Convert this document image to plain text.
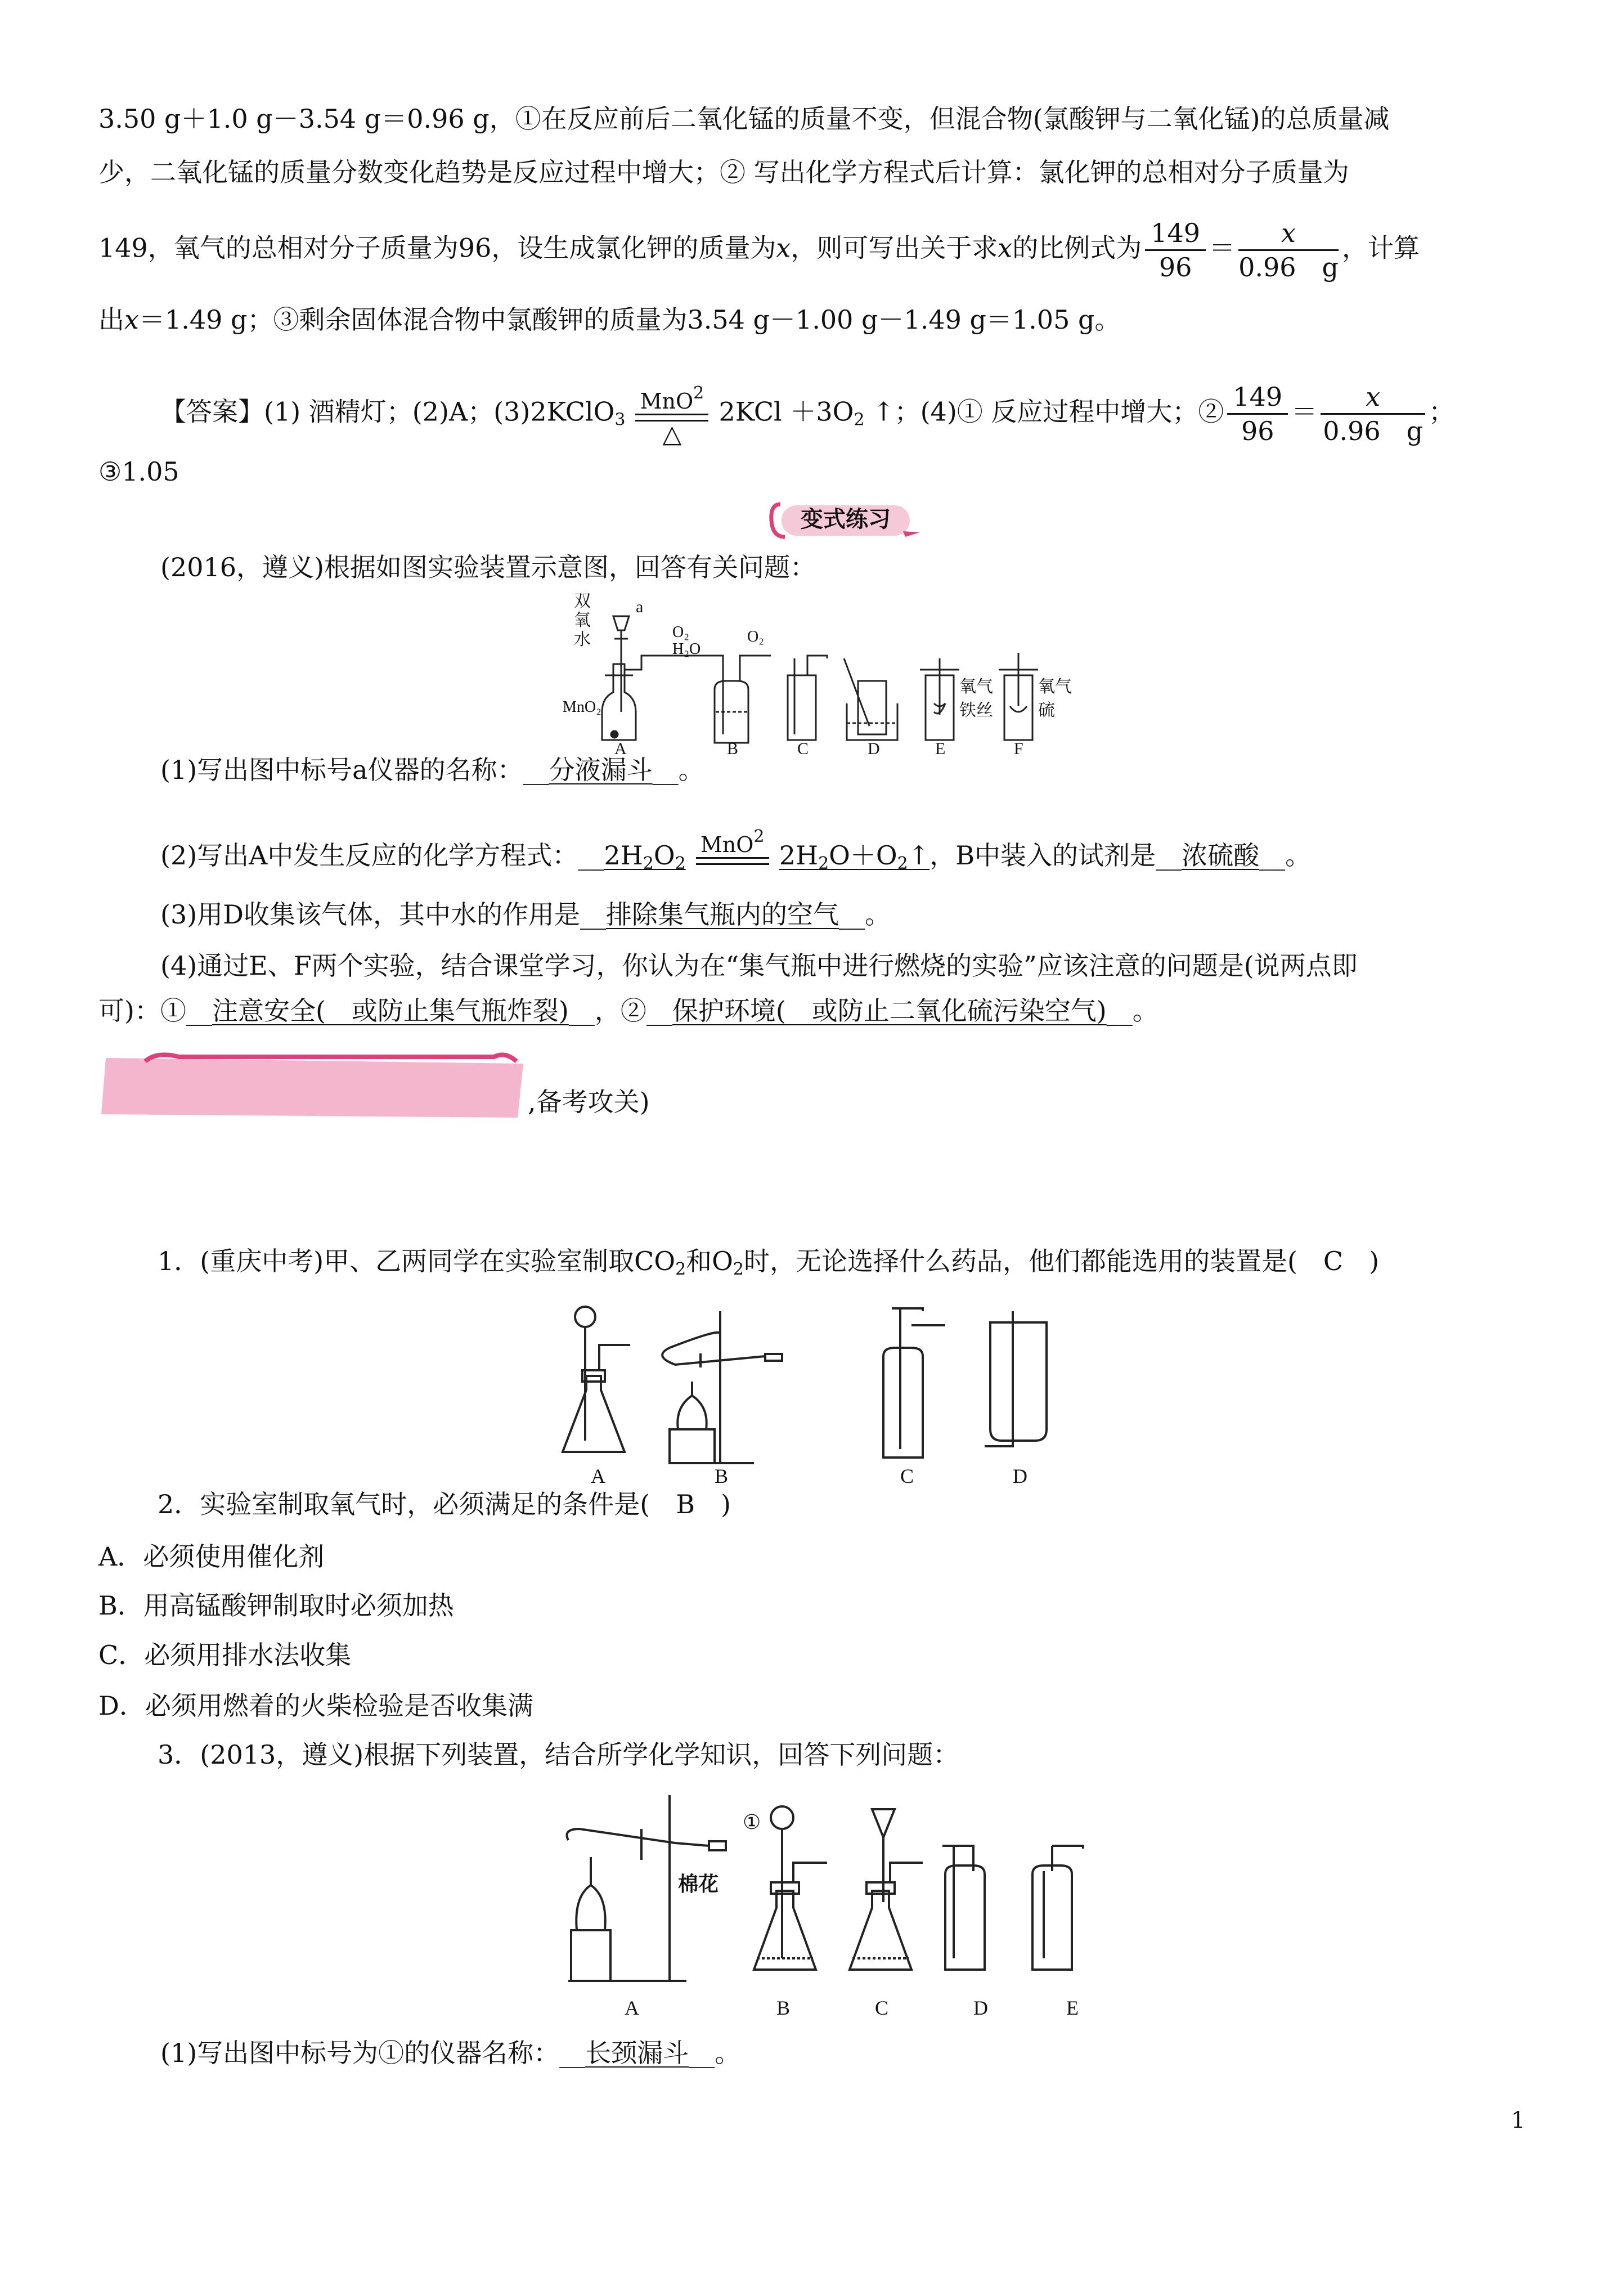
3.50 g＋1.0 g－3.54 g＝0.96 g，①在反应前后二氧化锰的质量不变，但混合物(氯酸钾与二氧化锰)的总质量减
少，二氧化锰的质量分数变化趋势是反应过程中增大；② 写出化学方程式后计算：氯化钾的总相对分子质量为
149，氧气的总相对分子质量为96，设生成氯化钾的质量为x，则可写出关于求x的比例式为 $\frac{149}{96} = \frac{x}{0.96 g}$ ，计算
出x＝1.49 g；③剩余固体混合物中氯酸钾的质量为3.54 g－1.00 g－1.49 g＝1.05 g。
【答案】(1) 酒精灯；(2)A；(3)2KClO$_3$
MnO$^2$
△
$2KCl +3O_2$ ↑；(4)① 反应过程中增大；② $\frac{149}{96} = \frac{x}{0.96 g}$ ；
③1.05
变式练习
(2016，遵义)根据如图实验装置示意图，回答有关问题：
双
氧
水
a
MnO₂
O₂
H₂O
O₂
氧气
铁丝
氧气
硫
A	B	C	D	E	F
(1)写出图中标号a仪器的名称：__分液漏斗__。
(2)写出A中发生反应的化学方程式：$\_\_2H_2O_2$
MnO$^2$

$2H_2O+O_2↑$，B中装入的试剂是__浓硫酸__。
(3)用D收集该气体，其中水的作用是__排除集气瓶内的空气__。
(4)通过E、F两个实验，结合课堂学习，你认为在“集气瓶中进行燃烧的实验”应该注意的问题是(说两点即
可)：①__注意安全(　或防止集气瓶炸裂)__，②__保护环境(　或防止二氧化硫污染空气)__。
,备考攻关)
1．(重庆中考)甲、乙两同学在实验室制取$CO_2$和$O_2$时，无论选择什么药品，他们都能选用的装置是(　C　)
A	B	C	D
2．实验室制取氧气时，必须满足的条件是(　B　)
A．必须使用催化剂
B．用高锰酸钾制取时必须加热
C．必须用排水法收集
D．必须用燃着的火柴检验是否收集满
3．(2013，遵义)根据下列装置，结合所学化学知识，回答下列问题：
①
棉花
A	B	C	D	E
(1)写出图中标号为①的仪器名称：__长颈漏斗__。
1
